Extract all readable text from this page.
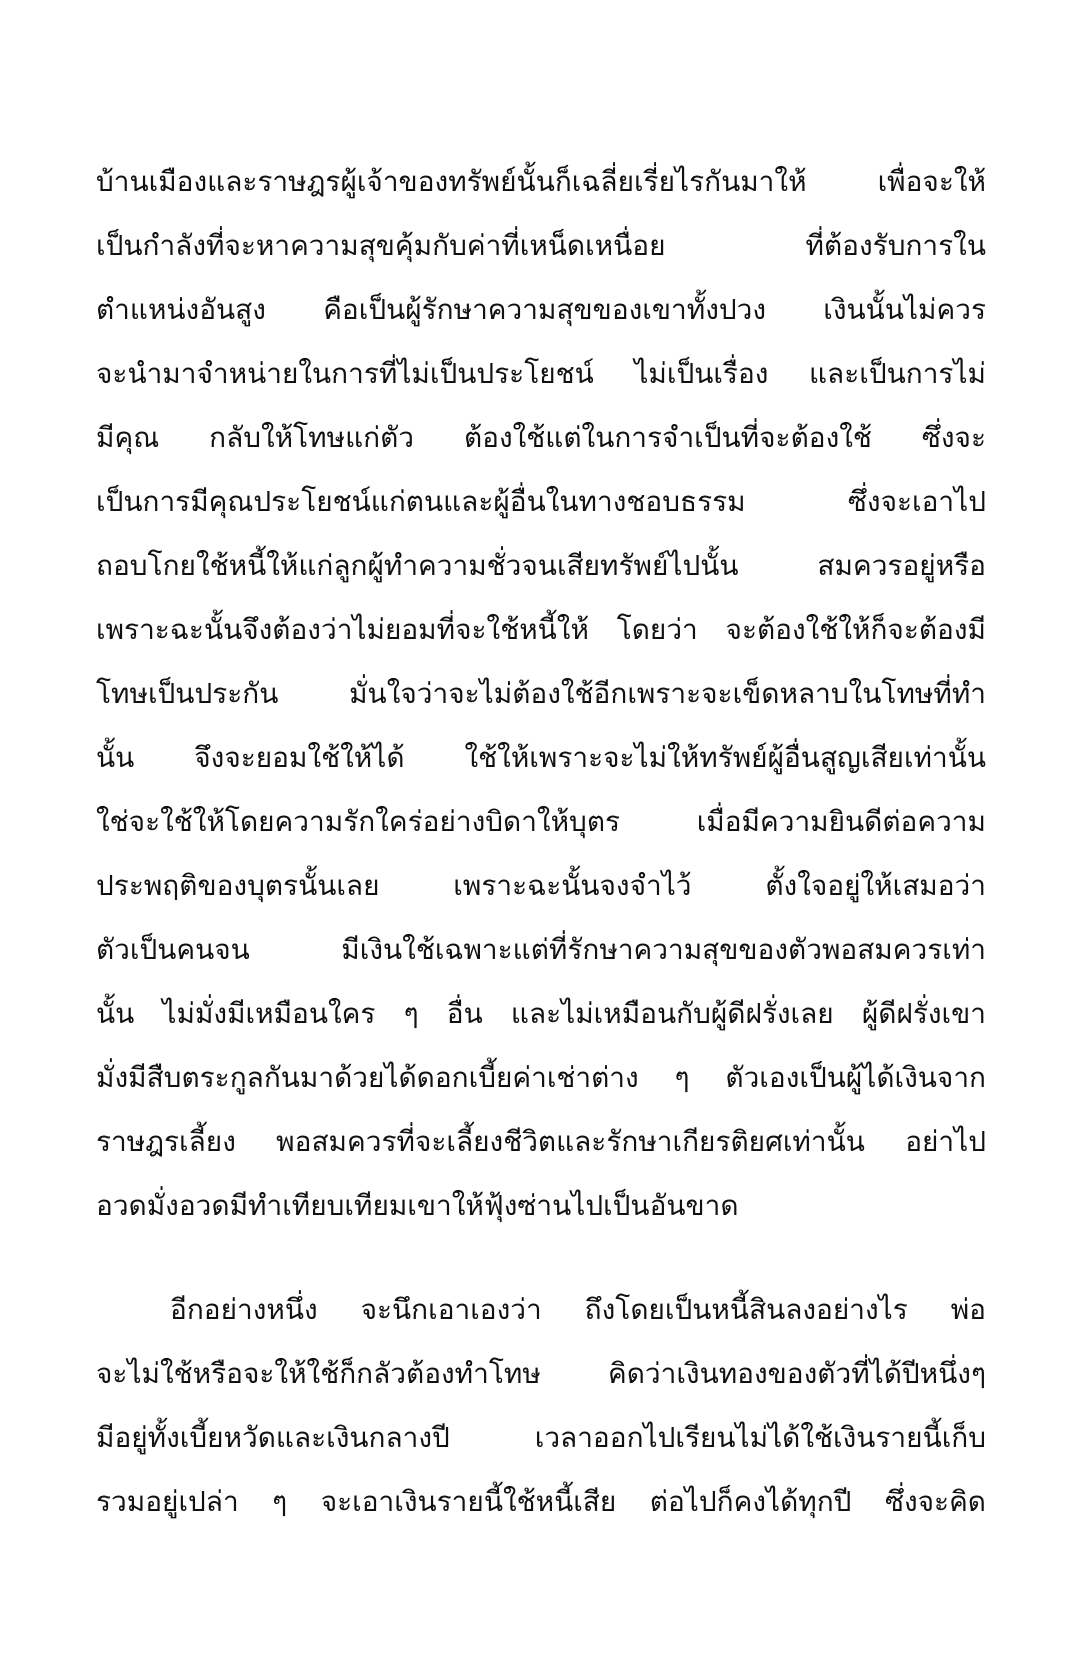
บ้านเมืองและราษฎรผู้เจ้าของทรัพย์นั้นก็เฉลี่ยเรี่ยไรกันมาให้ เพื่อจะให้
เป็นกำลังที่จะหาความสุขคุ้มกับค่าที่เหน็ดเหนื่อย ที่ต้องรับการใน
ตำแหน่งอันสูง คือเป็นผู้รักษาความสุขของเขาทั้งปวง เงินนั้นไม่ควร
จะนำมาจำหน่ายในการที่ไม่เป็นประโยชน์ ไม่เป็นเรื่อง และเป็นการไม่
มีคุณ กลับให้โทษแก่ตัว ต้องใช้แต่ในการจำเป็นที่จะต้องใช้ ซึ่งจะ
เป็นการมีคุณประโยชน์แก่ตนและผู้อื่นในทางชอบธรรม ซึ่งจะเอาไป
ถอบโกยใช้หนี้ให้แก่ลูกผู้ทำความชั่วจนเสียทรัพย์ไปนั้น สมควรอยู่หรือ
เพราะฉะนั้นจึงต้องว่าไม่ยอมที่จะใช้หนี้ให้ โดยว่า จะต้องใช้ให้ก็จะต้องมี
โทษเป็นประกัน มั่นใจว่าจะไม่ต้องใช้อีกเพราะจะเข็ดหลาบในโทษที่ทำ
นั้น จึงจะยอมใช้ให้ได้ ใช้ให้เพราะจะไม่ให้ทรัพย์ผู้อื่นสูญเสียเท่านั้น
ใช่จะใช้ให้โดยความรักใคร่อย่างบิดาให้บุตร เมื่อมีความยินดีต่อความ
ประพฤติของบุตรนั้นเลย เพราะฉะนั้นจงจำไว้ ตั้งใจอยู่ให้เสมอว่า
ตัวเป็นคนจน มีเงินใช้เฉพาะแต่ที่รักษาความสุขของตัวพอสมควรเท่า
นั้น ไม่มั่งมีเหมือนใคร ๆ อื่น และไม่เหมือนกับผู้ดีฝรั่งเลย ผู้ดีฝรั่งเขา
มั่งมีสืบตระกูลกันมาด้วยได้ดอกเบี้ยค่าเช่าต่าง ๆ ตัวเองเป็นผู้ได้เงินจาก
ราษฎรเลี้ยง พอสมควรที่จะเลี้ยงชีวิตและรักษาเกียรติยศเท่านั้น อย่าไป
อวดมั่งอวดมีทำเทียบเทียมเขาให้ฟุ้งซ่านไปเป็นอันขาด
อีกอย่างหนึ่ง จะนึกเอาเองว่า ถึงโดยเป็นหนี้สินลงอย่างไร พ่อ
จะไม่ใช้หรือจะให้ใช้ก็กลัวต้องทำโทษ คิดว่าเงินทองของตัวที่ได้ปีหนึ่งๆ
มีอยู่ทั้งเบี้ยหวัดและเงินกลางปี เวลาออกไปเรียนไม่ได้ใช้เงินรายนี้เก็บ
รวมอยู่เปล่า ๆ จะเอาเงินรายนี้ใช้หนี้เสีย ต่อไปก็คงได้ทุกปี ซึ่งจะคิด
